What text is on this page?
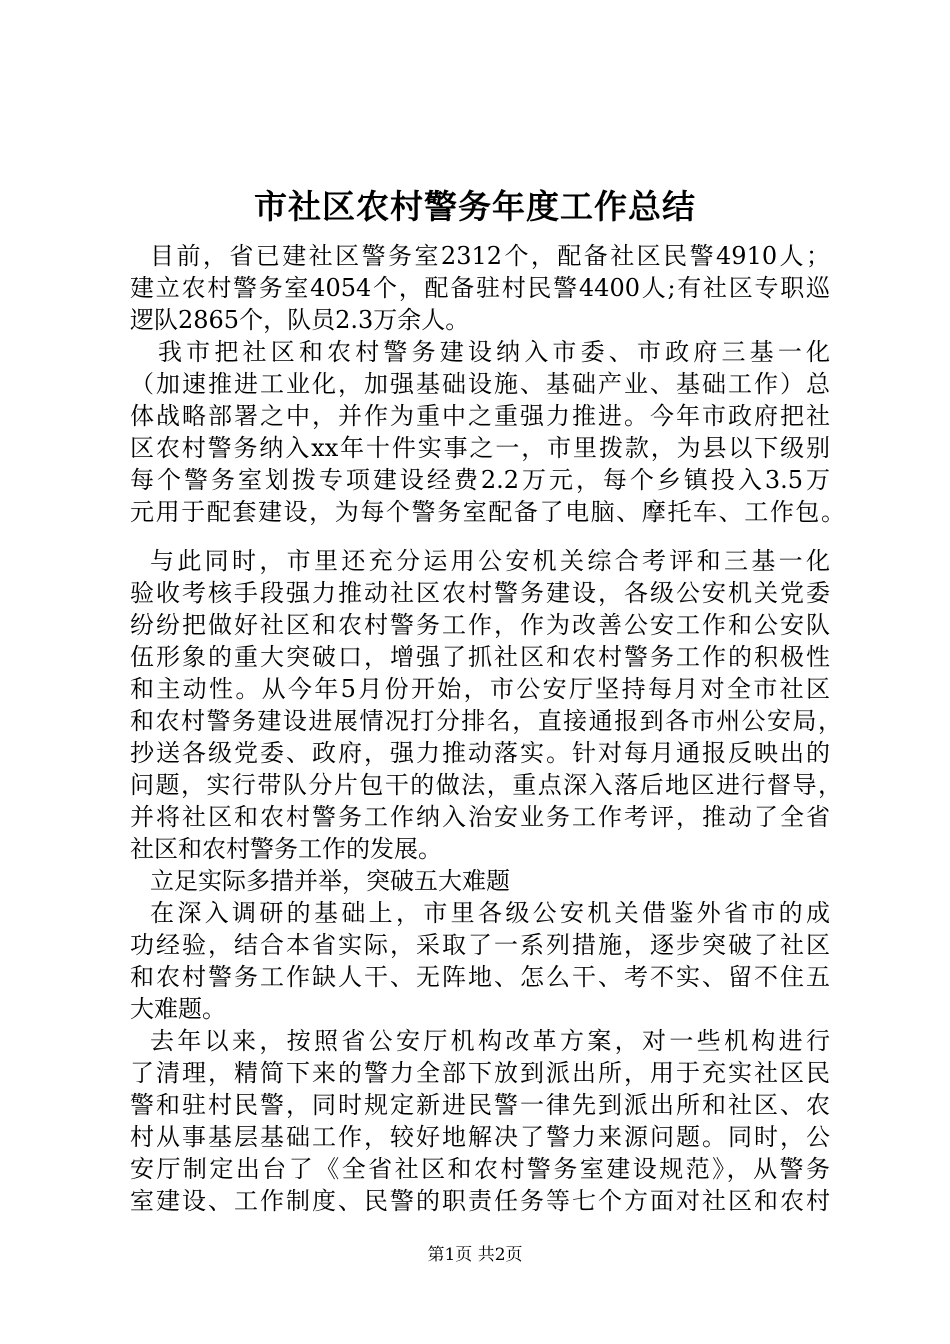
市社区农村警务年度工作总结
目前，省已建社区警务室2312个，配备社区民警4910人；
建立农村警务室4054个，配备驻村民警4400人;有社区专职巡
逻队2865个，队员2.3万余人。
我市把社区和农村警务建设纳入市委、市政府三基一化
（加速推进工业化，加强基础设施、基础产业、基础工作）总
体战略部署之中，并作为重中之重强力推进。今年市政府把社
区农村警务纳入xx年十件实事之一，市里拨款，为县以下级别
每个警务室划拨专项建设经费2.2万元，每个乡镇投入3.5万
元用于配套建设，为每个警务室配备了电脑、摩托车、工作包。
与此同时，市里还充分运用公安机关综合考评和三基一化
验收考核手段强力推动社区农村警务建设，各级公安机关党委
纷纷把做好社区和农村警务工作，作为改善公安工作和公安队
伍形象的重大突破口，增强了抓社区和农村警务工作的积极性
和主动性。从今年5月份开始，市公安厅坚持每月对全市社区
和农村警务建设进展情况打分排名，直接通报到各市州公安局，
抄送各级党委、政府，强力推动落实。针对每月通报反映出的
问题，实行带队分片包干的做法，重点深入落后地区进行督导，
并将社区和农村警务工作纳入治安业务工作考评，推动了全省
社区和农村警务工作的发展。
立足实际多措并举，突破五大难题
在深入调研的基础上，市里各级公安机关借鉴外省市的成
功经验，结合本省实际，采取了一系列措施，逐步突破了社区
和农村警务工作缺人干、无阵地、怎么干、考不实、留不住五
大难题。
去年以来，按照省公安厅机构改革方案，对一些机构进行
了清理，精简下来的警力全部下放到派出所，用于充实社区民
警和驻村民警，同时规定新进民警一律先到派出所和社区、农
村从事基层基础工作，较好地解决了警力来源问题。同时，公
安厅制定出台了《全省社区和农村警务室建设规范》，从警务
室建设、工作制度、民警的职责任务等七个方面对社区和农村
第1页 共2页
